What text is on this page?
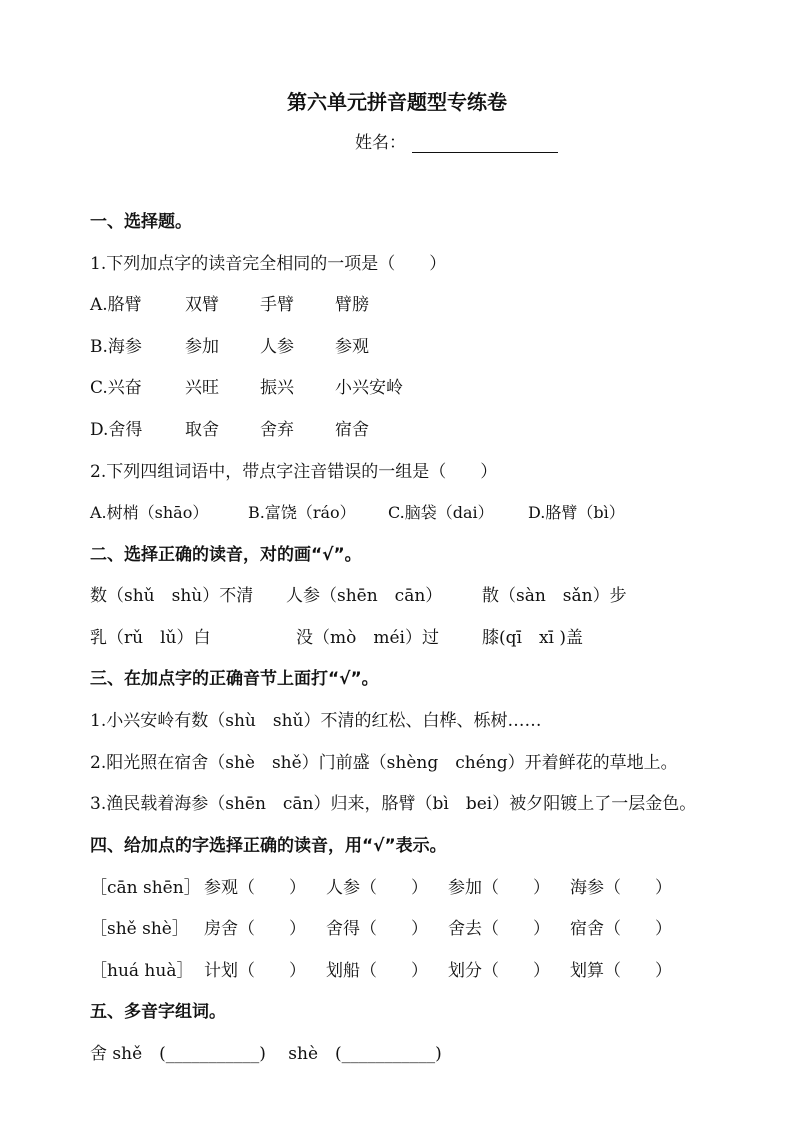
第六单元拼音题型专练卷
姓名：
一、选择题。
1.下列加点字的读音完全相同的一项是（　　）
A.胳臂	双臂 手臂 臂膀
B.海参	参加 人参 参观
C.兴奋	兴旺 振兴 小兴安岭
D.舍得	取舍 舍弃 宿舍
2.下列四组词语中，带点字注音错误的一组是（　　）
A.树梢（shāo） B.富饶（ráo） C.脑袋（dai） D.胳臂（bì）
二、选择正确的读音，对的画“√”。
数（shǔ　shù）不清 人参（shēn　cān） 散（sàn　sǎn）步
乳（rǔ　lǔ）白	没（mò　méi）过	膝(qī　xī )盖
三、在加点字的正确音节上面打“√”。
1.小兴安岭有数（shù　shǔ）不清的红松、白桦、栎树……
2.阳光照在宿舍（shè　shě）门前盛（shèng　chéng）开着鲜花的草地上。
3.渔民载着海参（shēn　cān）归来，胳臂（bì　bei）被夕阳镀上了一层金色。
四、给加点的字选择正确的读音，用“√”表示。
［cān shēn］ 参观（　　） 人参（　　） 参加（　　） 海参（　　）
［shě shè］ 房舍（　　） 舍得（　　） 舍去（　　） 宿舍（　　）
［huá huà］ 计划（　　） 划船（　　） 划分（　　） 划算（　　）
五、多音字组词。
舍 shě　(___________)　 shè　(___________)
